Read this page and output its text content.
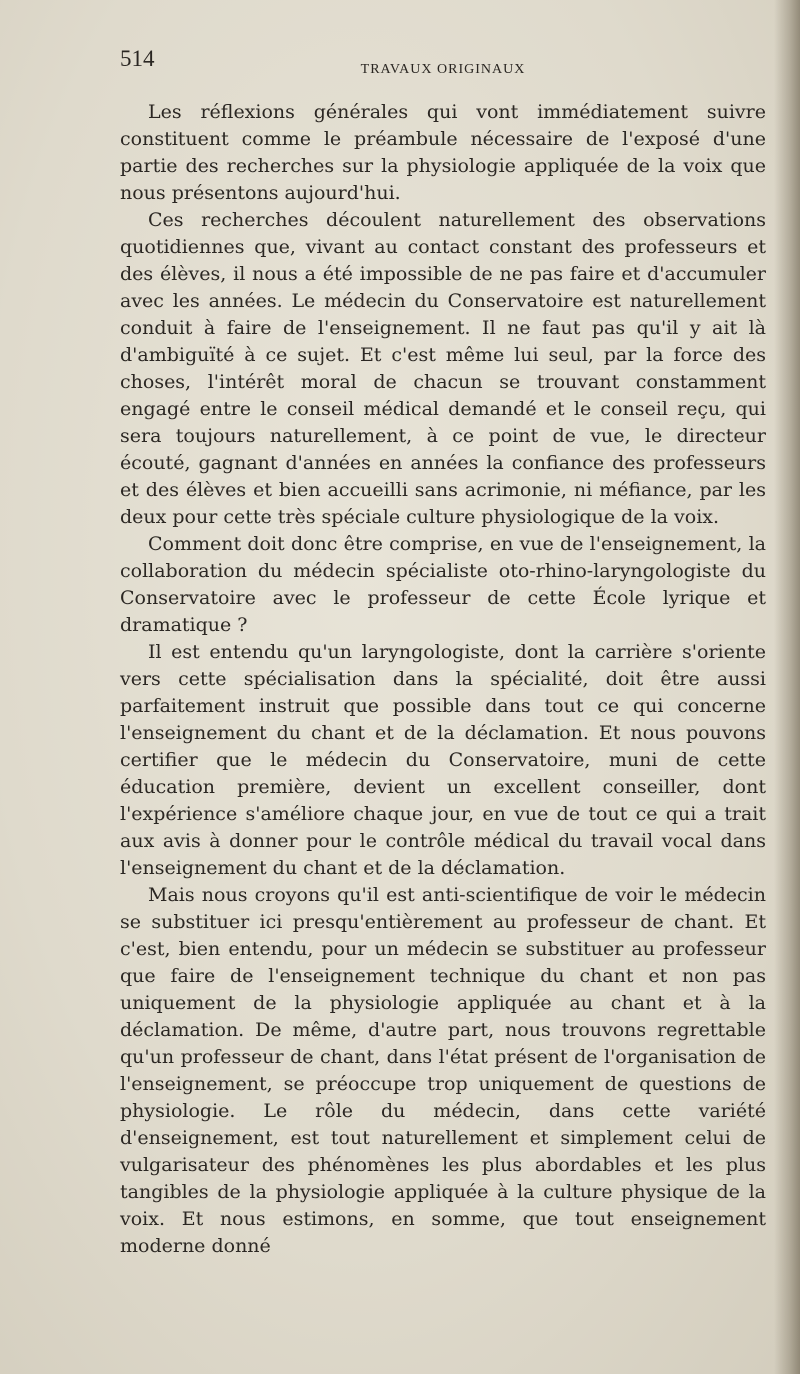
514	TRAVAUX ORIGINAUX

Les réflexions générales qui vont immédiatement suivre constituent comme le préambule nécessaire de l'exposé d'une partie des recherches sur la physiologie appliquée de la voix que nous présentons aujourd'hui.

Ces recherches découlent naturellement des observations quotidiennes que, vivant au contact constant des professeurs et des élèves, il nous a été impossible de ne pas faire et d'accumuler avec les années. Le médecin du Conservatoire est naturellement conduit à faire de l'enseignement. Il ne faut pas qu'il y ait là d'ambiguïté à ce sujet. Et c'est même lui seul, par la force des choses, l'intérêt moral de chacun se trouvant constamment engagé entre le conseil médical demandé et le conseil reçu, qui sera toujours naturellement, à ce point de vue, le directeur écouté, gagnant d'années en années la confiance des professeurs et des élèves et bien accueilli sans acrimonie, ni méfiance, par les deux pour cette très spéciale culture physiologique de la voix.

Comment doit donc être comprise, en vue de l'enseignement, la collaboration du médecin spécialiste oto-rhino-laryngologiste du Conservatoire avec le professeur de cette École lyrique et dramatique ?

Il est entendu qu'un laryngologiste, dont la carrière s'oriente vers cette spécialisation dans la spécialité, doit être aussi parfaitement instruit que possible dans tout ce qui concerne l'enseignement du chant et de la déclamation. Et nous pouvons certifier que le médecin du Conservatoire, muni de cette éducation première, devient un excellent conseiller, dont l'expérience s'améliore chaque jour, en vue de tout ce qui a trait aux avis à donner pour le contrôle médical du travail vocal dans l'enseignement du chant et de la déclamation.

Mais nous croyons qu'il est anti-scientifique de voir le médecin se substituer ici presqu'entièrement au professeur de chant. Et c'est, bien entendu, pour un médecin se substituer au professeur que faire de l'enseignement technique du chant et non pas uniquement de la physiologie appliquée au chant et à la déclamation. De même, d'autre part, nous trouvons regrettable qu'un professeur de chant, dans l'état présent de l'organisation de l'enseignement, se préoccupe trop uniquement de questions de physiologie. Le rôle du médecin, dans cette variété d'enseignement, est tout naturellement et simplement celui de vulgarisateur des phénomènes les plus abordables et les plus tangibles de la physiologie appliquée à la culture physique de la voix. Et nous estimons, en somme, que tout enseignement moderne donné
